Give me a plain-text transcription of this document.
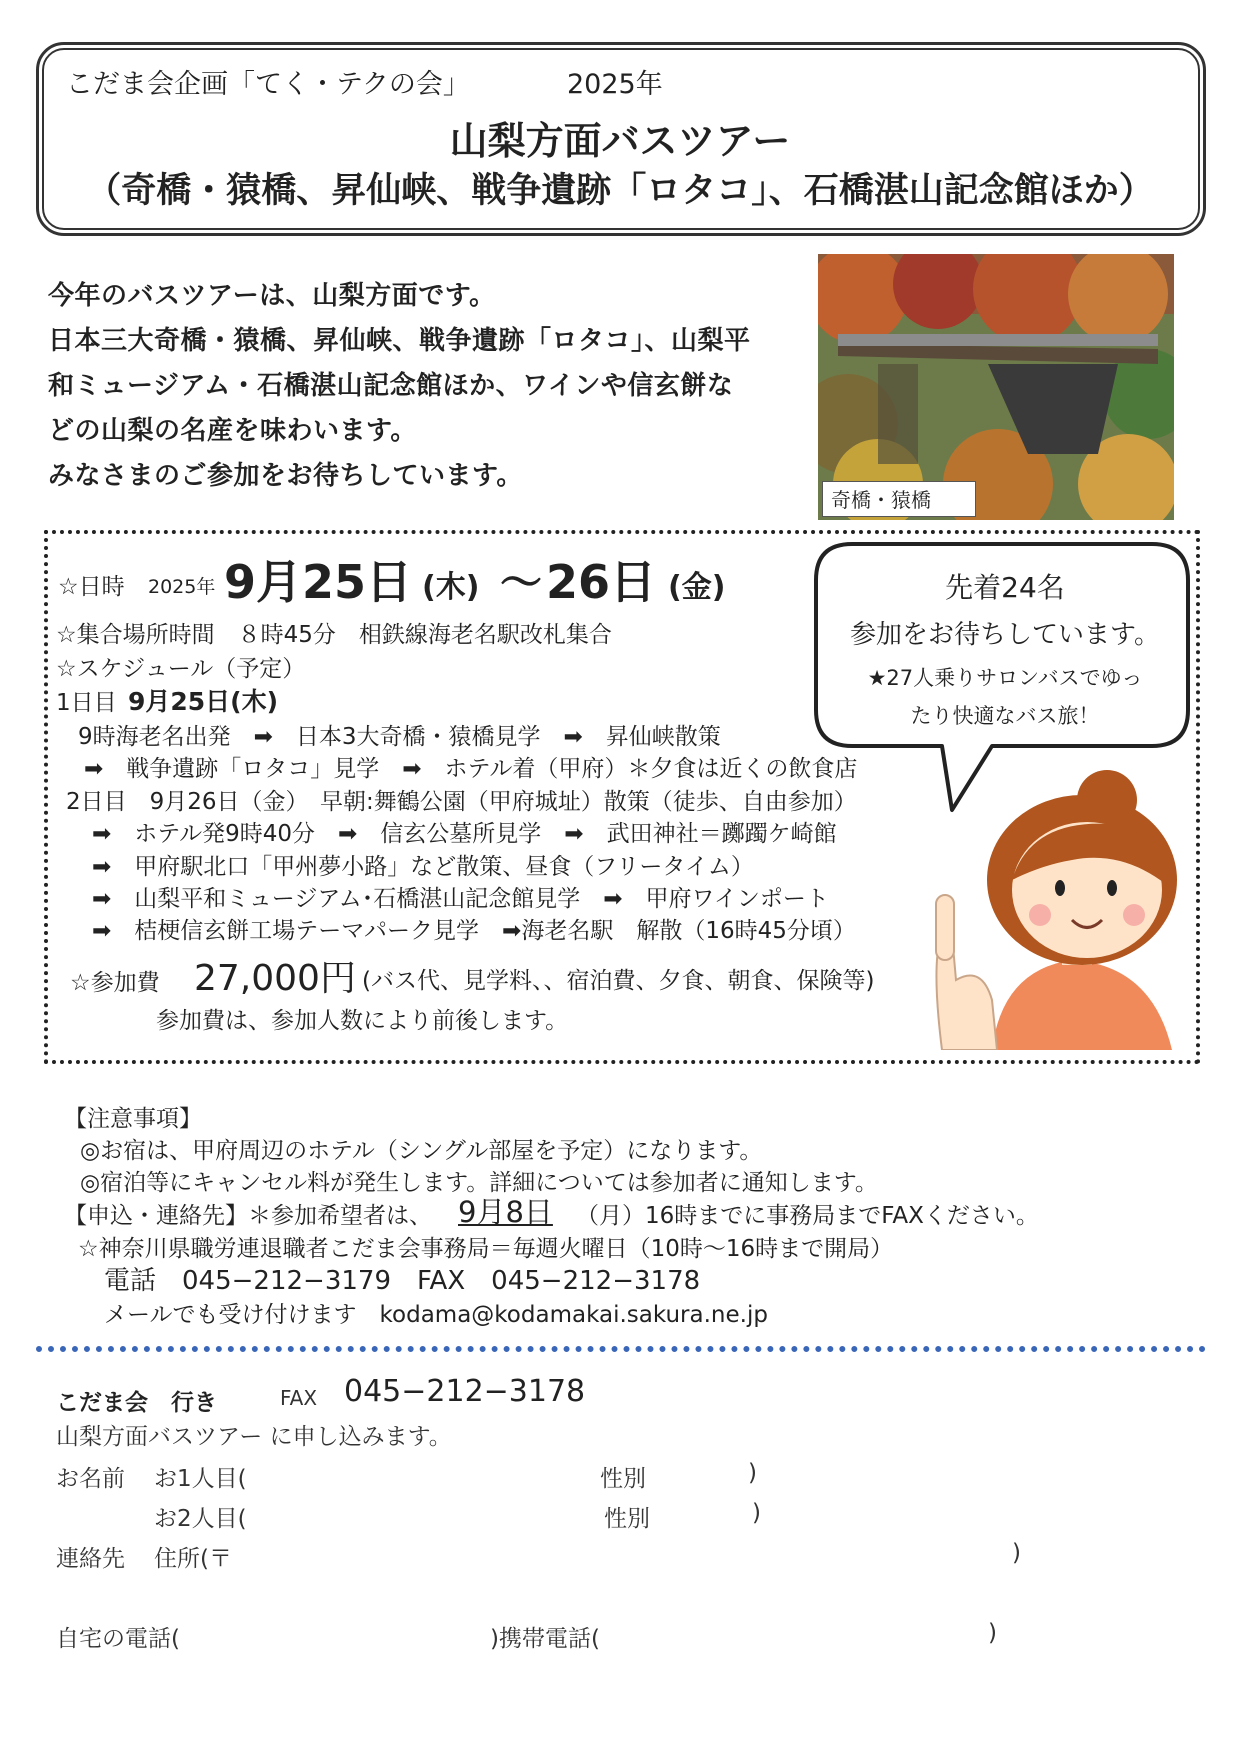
こだま会企画「てく・テクの会」	2025年
山梨方面バスツアー
（奇橋・猿橋、昇仙峡、戦争遺跡「ロタコ」、石橋湛山記念館ほか）
今年のバスツアーは、山梨方面です。
日本三大奇橋・猿橋、昇仙峡、戦争遺跡「ロタコ」、山梨平
和ミュージアム・石橋湛山記念館ほか、ワインや信玄餅な
どの山梨の名産を味わいます。
みなさまのご参加をお待ちしています。
奇橋・猿橋
☆日時 2025年 9月25日 (木) ～ 26日 (金)
☆集合場所時間　８時45分　相鉄線海老名駅改札集合
☆スケジュール（予定）
1日目 9月25日(木)
9時海老名出発　➡　日本3大奇橋・猿橋見学　➡　昇仙峡散策
➡　戦争遺跡「ロタコ」見学　➡　ホテル着（甲府）＊夕食は近くの飲食店
2日目　9月26日（金）　早朝:舞鶴公園（甲府城址）散策（徒歩、自由参加）
➡　ホテル発9時40分　➡　信玄公墓所見学　➡　武田神社＝躑躅ケ崎館
➡　甲府駅北口「甲州夢小路」など散策、昼食（フリータイム）
➡　山梨平和ミュージアム･石橋湛山記念館見学　➡　甲府ワインポート
➡　桔梗信玄餅工場テーマパーク見学　➡海老名駅　解散（16時45分頃）
☆参加費 27,000円 (バス代、見学料、、宿泊費、夕食、朝食、保険等)
参加費は、参加人数により前後します。
先着24名
参加をお待ちしています。
★27人乗りサロンバスでゆっ
たり快適なバス旅！
【注意事項】
◎お宿は、甲府周辺のホテル（シングル部屋を予定）になります。
◎宿泊等にキャンセル料が発生します。詳細については参加者に通知します。
【申込・連絡先】＊参加希望者は、 9月8日 （月）16時までに事務局までFAXください。
☆神奈川県職労連退職者こだま会事務局＝毎週火曜日（10時～16時まで開局）
電話　045−212−3179　FAX　045−212−3178
メールでも受け付けます　kodama@kodamakai.sakura.ne.jp
こだま会　行き	FAX 045−212−3178
山梨方面バスツアー に申し込みます。
お名前 お1人目(	性別	)
お2人目(	性別	)
連絡先 住所(〒	)
自宅の電話(	)携帯電話(	)
